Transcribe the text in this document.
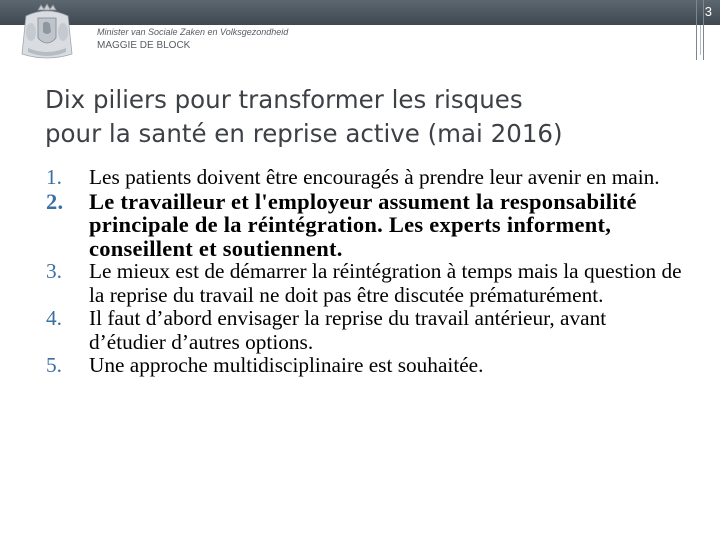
3
Minister van Sociale Zaken en Volksgezondheid
MAGGIE DE BLOCK
Dix piliers pour transformer les risques
pour la santé en reprise active (mai 2016)
1. Les patients doivent être encouragés à prendre leur avenir en main.
2. Le travailleur et l'employeur assument la responsabilité principale de la réintégration. Les experts informent, conseillent et soutiennent.
3. Le mieux est de démarrer la réintégration à temps mais la question de la reprise du travail ne doit pas être discutée prématurément.
4. Il faut d’abord envisager la reprise du travail antérieur, avant d’étudier d’autres options.
5. Une approche multidisciplinaire est souhaitée.
